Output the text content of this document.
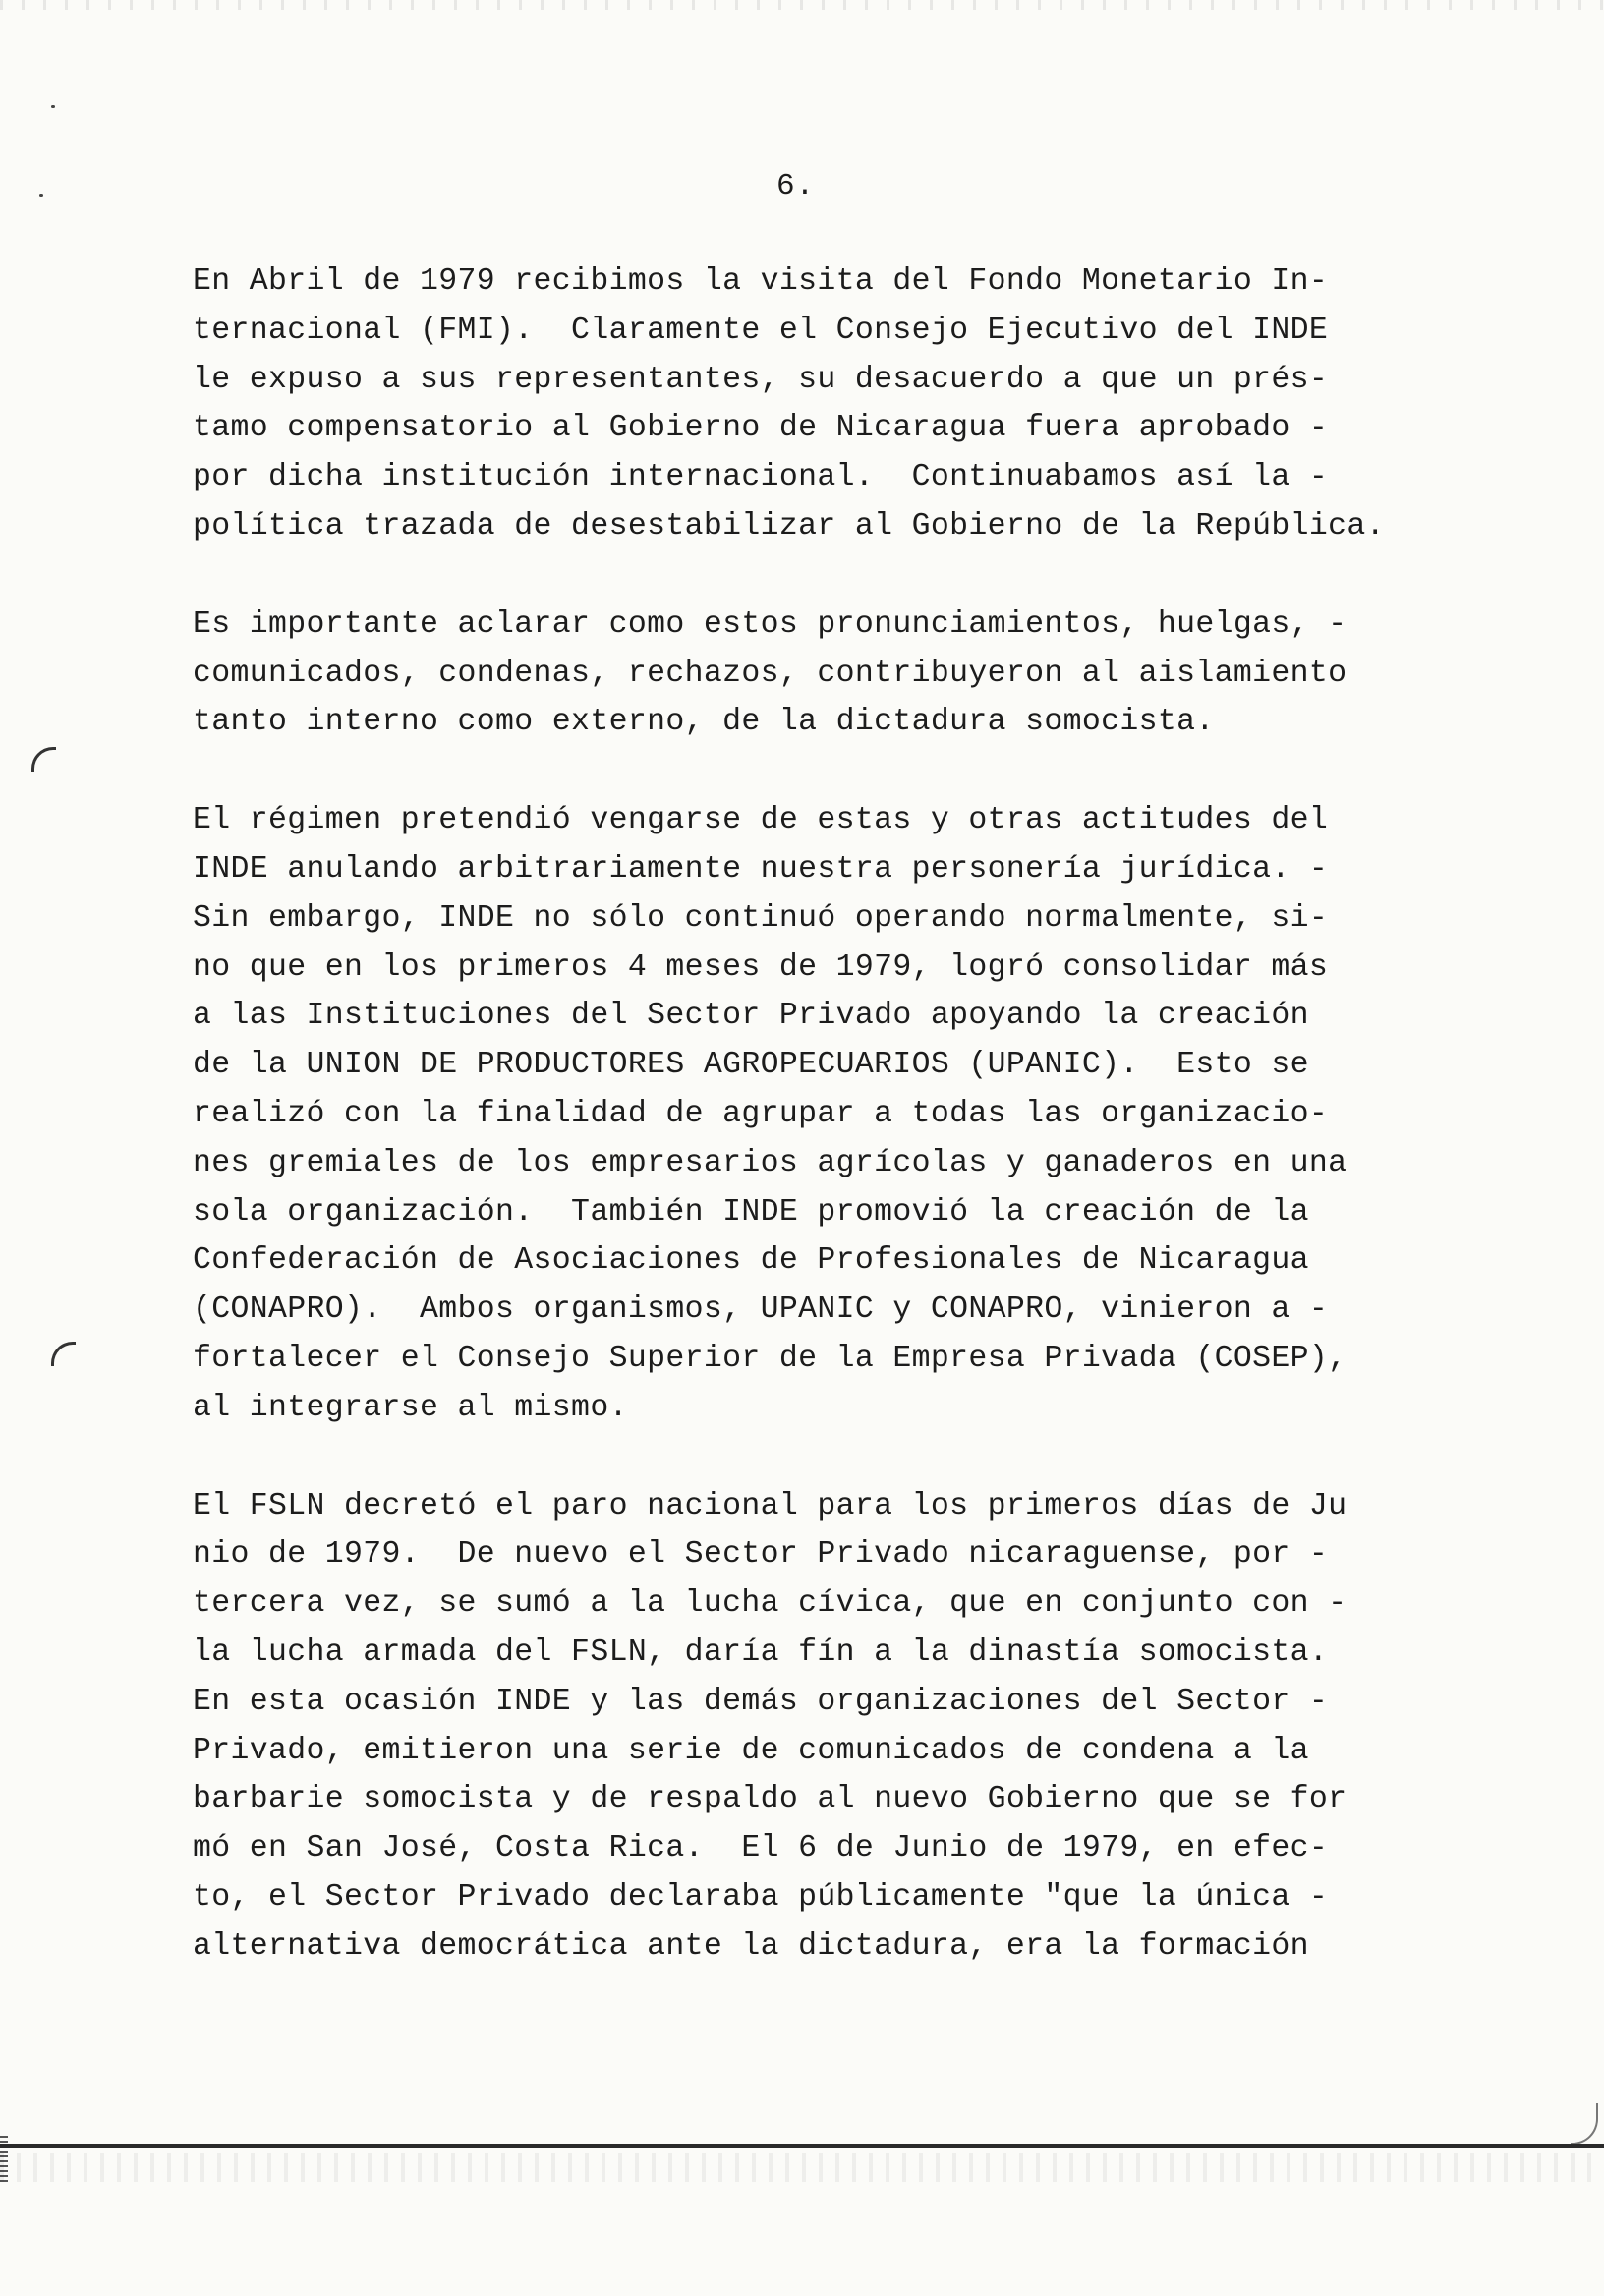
6.

En Abril de 1979 recibimos la visita del Fondo Monetario In-
ternacional (FMI).  Claramente el Consejo Ejecutivo del INDE
le expuso a sus representantes, su desacuerdo a que un prés-
tamo compensatorio al Gobierno de Nicaragua fuera aprobado -
por dicha institución internacional.  Continuabamos así la -
política trazada de desestabilizar al Gobierno de la República.

Es importante aclarar como estos pronunciamientos, huelgas, -
comunicados, condenas, rechazos, contribuyeron al aislamiento
tanto interno como externo, de la dictadura somocista.

El régimen pretendió vengarse de estas y otras actitudes del
INDE anulando arbitrariamente nuestra personería jurídica. -
Sin embargo, INDE no sólo continuó operando normalmente, si-
no que en los primeros 4 meses de 1979, logró consolidar más
a las Instituciones del Sector Privado apoyando la creación
de la UNION DE PRODUCTORES AGROPECUARIOS (UPANIC).  Esto se
realizó con la finalidad de agrupar a todas las organizacio-
nes gremiales de los empresarios agrícolas y ganaderos en una
sola organización.  También INDE promovió la creación de la
Confederación de Asociaciones de Profesionales de Nicaragua
(CONAPRO).  Ambos organismos, UPANIC y CONAPRO, vinieron a -
fortalecer el Consejo Superior de la Empresa Privada (COSEP),
al integrarse al mismo.

El FSLN decretó el paro nacional para los primeros días de Ju
nio de 1979.  De nuevo el Sector Privado nicaraguense, por -
tercera vez, se sumó a la lucha cívica, que en conjunto con -
la lucha armada del FSLN, daría fín a la dinastía somocista.
En esta ocasión INDE y las demás organizaciones del Sector -
Privado, emitieron una serie de comunicados de condena a la
barbarie somocista y de respaldo al nuevo Gobierno que se for
mó en San José, Costa Rica.  El 6 de Junio de 1979, en efec-
to, el Sector Privado declaraba públicamente "que la única -
alternativa democrática ante la dictadura, era la formación
